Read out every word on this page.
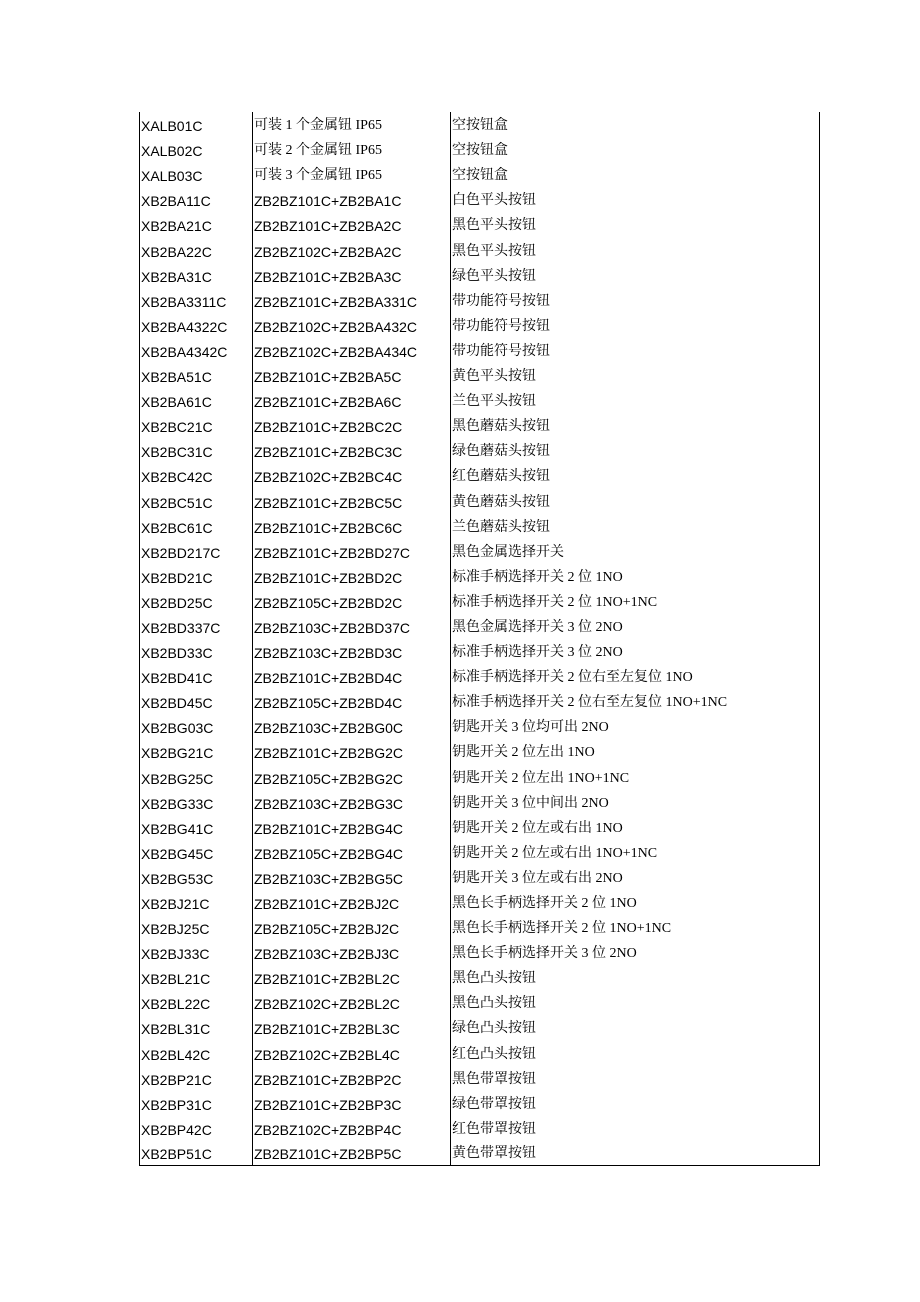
XALB01C	可装 1 个金属钮 IP65	空按钮盒
XALB02C	可装 2 个金属钮 IP65	空按钮盒
XALB03C	可装 3 个金属钮 IP65	空按钮盒
XB2BA11C	ZB2BZ101C+ZB2BA1C	白色平头按钮
XB2BA21C	ZB2BZ101C+ZB2BA2C	黑色平头按钮
XB2BA22C	ZB2BZ102C+ZB2BA2C	黑色平头按钮
XB2BA31C	ZB2BZ101C+ZB2BA3C	绿色平头按钮
XB2BA3311C	ZB2BZ101C+ZB2BA331C	带功能符号按钮
XB2BA4322C	ZB2BZ102C+ZB2BA432C	带功能符号按钮
XB2BA4342C	ZB2BZ102C+ZB2BA434C	带功能符号按钮
XB2BA51C	ZB2BZ101C+ZB2BA5C	黄色平头按钮
XB2BA61C	ZB2BZ101C+ZB2BA6C	兰色平头按钮
XB2BC21C	ZB2BZ101C+ZB2BC2C	黑色蘑菇头按钮
XB2BC31C	ZB2BZ101C+ZB2BC3C	绿色蘑菇头按钮
XB2BC42C	ZB2BZ102C+ZB2BC4C	红色蘑菇头按钮
XB2BC51C	ZB2BZ101C+ZB2BC5C	黄色蘑菇头按钮
XB2BC61C	ZB2BZ101C+ZB2BC6C	兰色蘑菇头按钮
XB2BD217C	ZB2BZ101C+ZB2BD27C	黑色金属选择开关
XB2BD21C	ZB2BZ101C+ZB2BD2C	标准手柄选择开关 2 位 1NO
XB2BD25C	ZB2BZ105C+ZB2BD2C	标准手柄选择开关 2 位 1NO+1NC
XB2BD337C	ZB2BZ103C+ZB2BD37C	黑色金属选择开关 3 位 2NO
XB2BD33C	ZB2BZ103C+ZB2BD3C	标准手柄选择开关 3 位 2NO
XB2BD41C	ZB2BZ101C+ZB2BD4C	标准手柄选择开关 2 位右至左复位 1NO
XB2BD45C	ZB2BZ105C+ZB2BD4C	标准手柄选择开关 2 位右至左复位 1NO+1NC
XB2BG03C	ZB2BZ103C+ZB2BG0C	钥匙开关 3 位均可出 2NO
XB2BG21C	ZB2BZ101C+ZB2BG2C	钥匙开关 2 位左出 1NO
XB2BG25C	ZB2BZ105C+ZB2BG2C	钥匙开关 2 位左出 1NO+1NC
XB2BG33C	ZB2BZ103C+ZB2BG3C	钥匙开关 3 位中间出 2NO
XB2BG41C	ZB2BZ101C+ZB2BG4C	钥匙开关 2 位左或右出 1NO
XB2BG45C	ZB2BZ105C+ZB2BG4C	钥匙开关 2 位左或右出 1NO+1NC
XB2BG53C	ZB2BZ103C+ZB2BG5C	钥匙开关 3 位左或右出 2NO
XB2BJ21C	ZB2BZ101C+ZB2BJ2C	黑色长手柄选择开关 2 位 1NO
XB2BJ25C	ZB2BZ105C+ZB2BJ2C	黑色长手柄选择开关 2 位 1NO+1NC
XB2BJ33C	ZB2BZ103C+ZB2BJ3C	黑色长手柄选择开关 3 位 2NO
XB2BL21C	ZB2BZ101C+ZB2BL2C	黑色凸头按钮
XB2BL22C	ZB2BZ102C+ZB2BL2C	黑色凸头按钮
XB2BL31C	ZB2BZ101C+ZB2BL3C	绿色凸头按钮
XB2BL42C	ZB2BZ102C+ZB2BL4C	红色凸头按钮
XB2BP21C	ZB2BZ101C+ZB2BP2C	黑色带罩按钮
XB2BP31C	ZB2BZ101C+ZB2BP3C	绿色带罩按钮
XB2BP42C	ZB2BZ102C+ZB2BP4C	红色带罩按钮
XB2BP51C	ZB2BZ101C+ZB2BP5C	黄色带罩按钮
